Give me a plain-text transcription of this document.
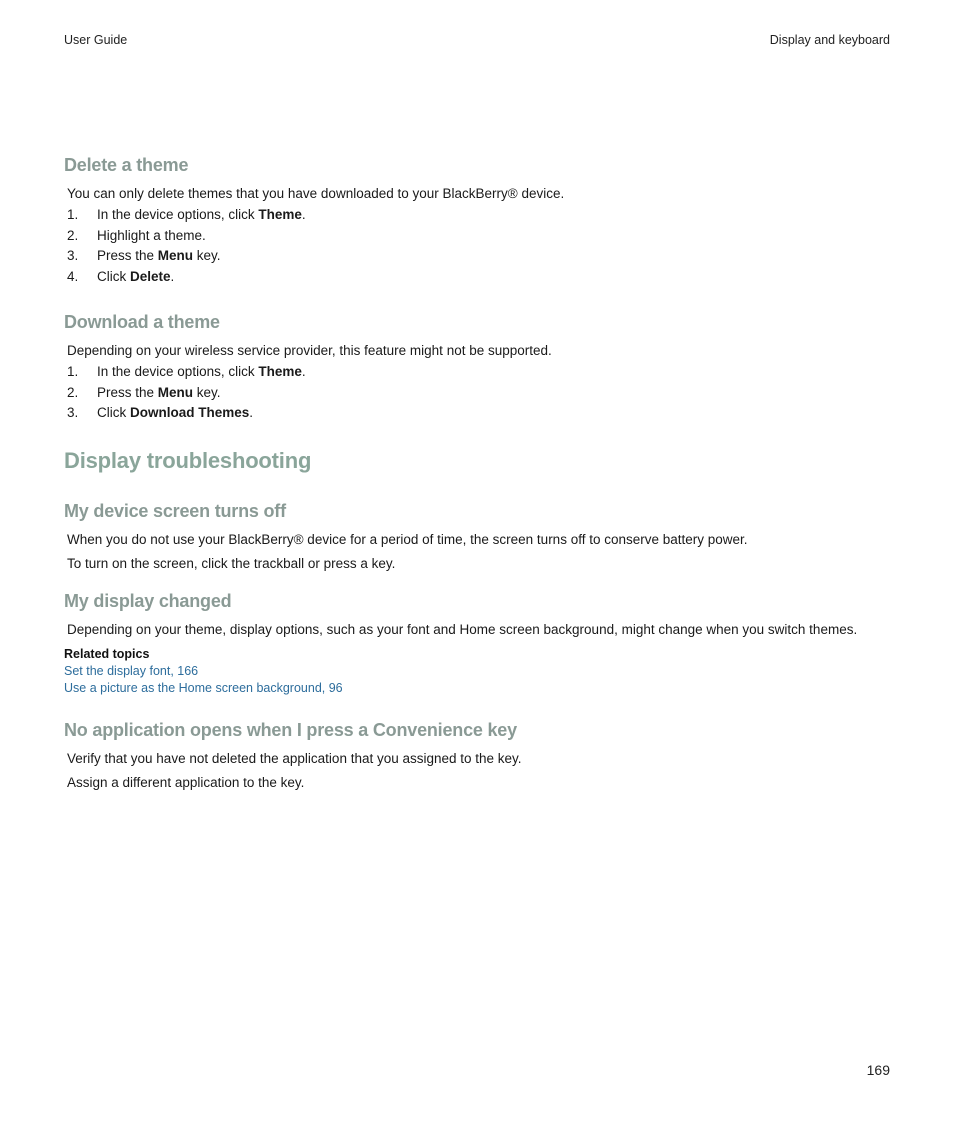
User Guide	Display and keyboard
Delete a theme

You can only delete themes that you have downloaded to your BlackBerry® device.

1. In the device options, click Theme.
2. Highlight a theme.
3. Press the Menu key.
4. Click Delete.
Download a theme

Depending on your wireless service provider, this feature might not be supported.

1. In the device options, click Theme.
2. Press the Menu key.
3. Click Download Themes.
Display troubleshooting
My device screen turns off

When you do not use your BlackBerry® device for a period of time, the screen turns off to conserve battery power.

To turn on the screen, click the trackball or press a key.

My display changed

Depending on your theme, display options, such as your font and Home screen background, might change when you switch themes.

Related topics
Set the display font, 166
Use a picture as the Home screen background, 96
No application opens when I press a Convenience key

Verify that you have not deleted the application that you assigned to the key.

Assign a different application to the key.

169
